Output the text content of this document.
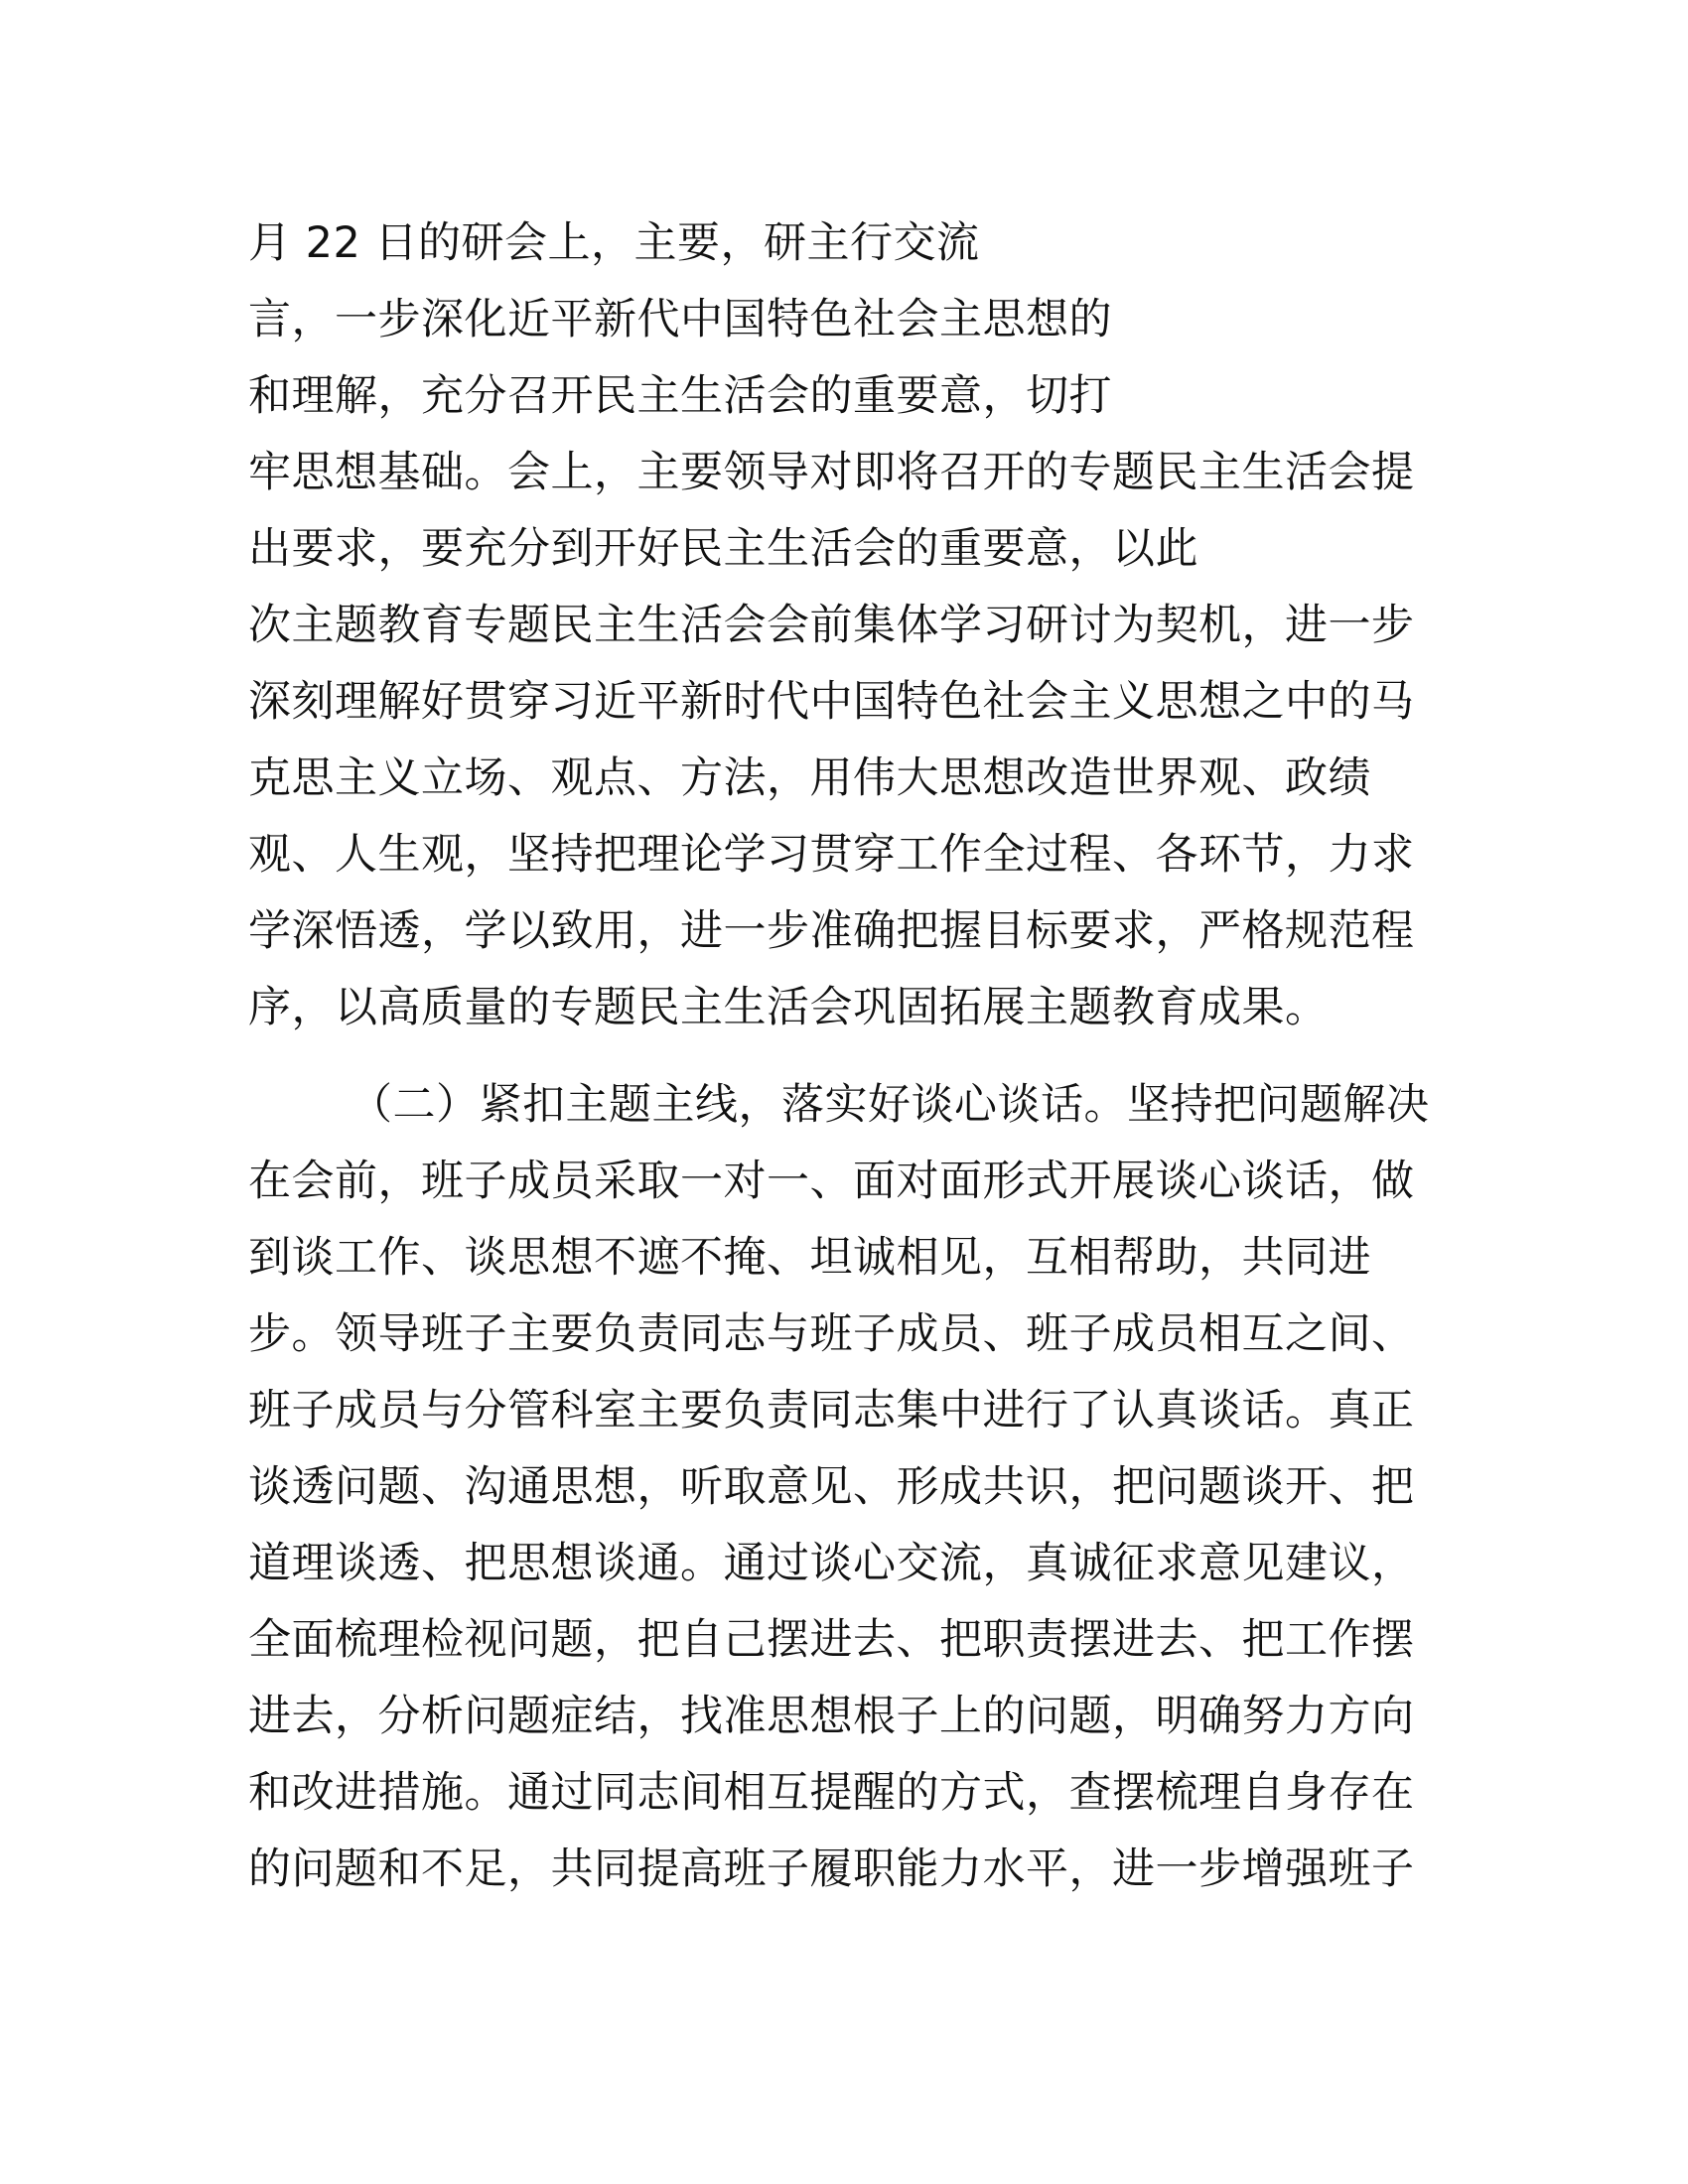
月 22 日的研会上，主要，研主行交流
言，一步深化近平新代中国特色社会主思想的
和理解，充分召开民主生活会的重要意，切打
牢思想基础。会上，主要领导对即将召开的专题民主生活会提
出要求，要充分到开好民主生活会的重要意，以此
次主题教育专题民主生活会会前集体学习研讨为契机，进一步
深刻理解好贯穿习近平新时代中国特色社会主义思想之中的马
克思主义立场、观点、方法，用伟大思想改造世界观、政绩
观、人生观，坚持把理论学习贯穿工作全过程、各环节，力求
学深悟透，学以致用，进一步准确把握目标要求，严格规范程
序，以高质量的专题民主生活会巩固拓展主题教育成果。
（二）紧扣主题主线，落实好谈心谈话。坚持把问题解决
在会前，班子成员采取一对一、面对面形式开展谈心谈话，做
到谈工作、谈思想不遮不掩、坦诚相见，互相帮助，共同进
步。领导班子主要负责同志与班子成员、班子成员相互之间、
班子成员与分管科室主要负责同志集中进行了认真谈话。真正
谈透问题、沟通思想，听取意见、形成共识，把问题谈开、把
道理谈透、把思想谈通。通过谈心交流，真诚征求意见建议，
全面梳理检视问题，把自己摆进去、把职责摆进去、把工作摆
进去，分析问题症结，找准思想根子上的问题，明确努力方向
和改进措施。通过同志间相互提醒的方式，查摆梳理自身存在
的问题和不足，共同提高班子履职能力水平，进一步增强班子
